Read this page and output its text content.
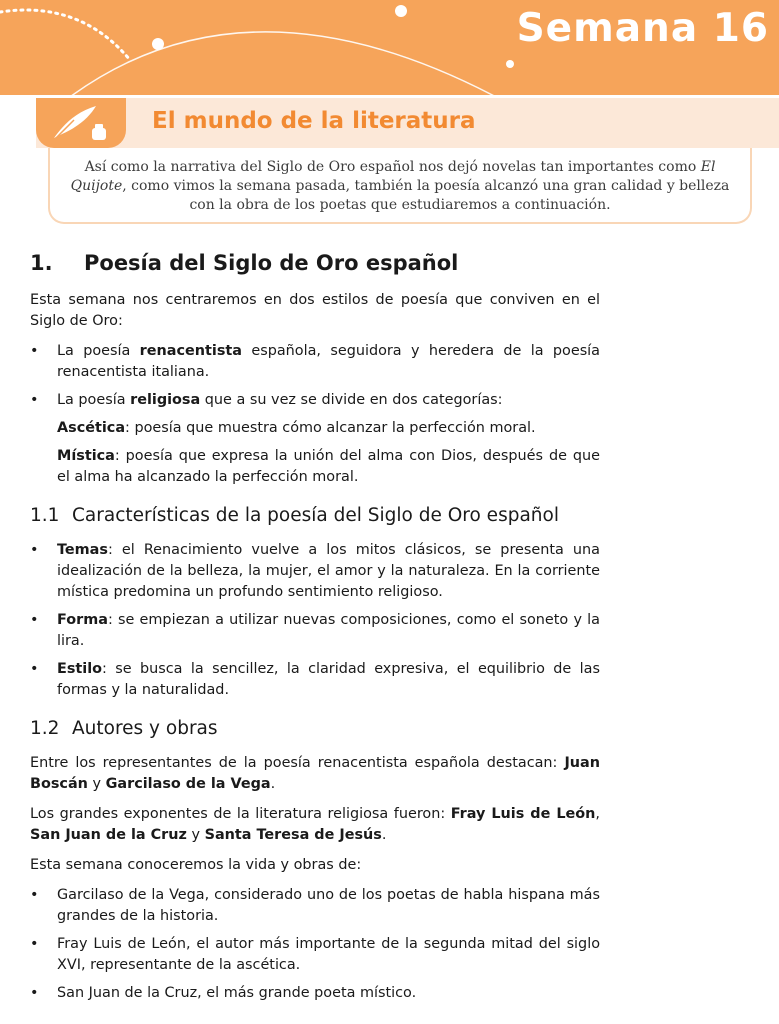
Semana 16
El mundo de la literatura
Así como la narrativa del Siglo de Oro español nos dejó novelas tan importantes como El Quijote, como vimos la semana pasada, también la poesía alcanzó una gran calidad y belleza con la obra de los poetas que estudiaremos a continuación.
1. Poesía del Siglo de Oro español

Esta semana nos centraremos en dos estilos de poesía que conviven en el Siglo de Oro:

• La poesía renacentista española, seguidora y heredera de la poesía renacentista italiana.
• La poesía religiosa que a su vez se divide en dos categorías:
Ascética: poesía que muestra cómo alcanzar la perfección moral.
Mística: poesía que expresa la unión del alma con Dios, después de que el alma ha alcanzado la perfección moral.
1.1 Características de la poesía del Siglo de Oro español
• Temas: el Renacimiento vuelve a los mitos clásicos, se presenta una idealización de la belleza, la mujer, el amor y la naturaleza. En la corriente mística predomina un profundo sentimiento religioso.
• Forma: se empiezan a utilizar nuevas composiciones, como el soneto y la lira.
• Estilo: se busca la sencillez, la claridad expresiva, el equilibrio de las formas y la naturalidad.
1.2 Autores y obras

Entre los representantes de la poesía renacentista española destacan: Juan Boscán y Garcilaso de la Vega.

Los grandes exponentes de la literatura religiosa fueron: Fray Luis de León, San Juan de la Cruz y Santa Teresa de Jesús.

Esta semana conoceremos la vida y obras de:

• Garcilaso de la Vega, considerado uno de los poetas de habla hispana más grandes de la historia.
• Fray Luis de León, el autor más importante de la segunda mitad del siglo XVI, representante de la ascética.
• San Juan de la Cruz, el más grande poeta místico.
